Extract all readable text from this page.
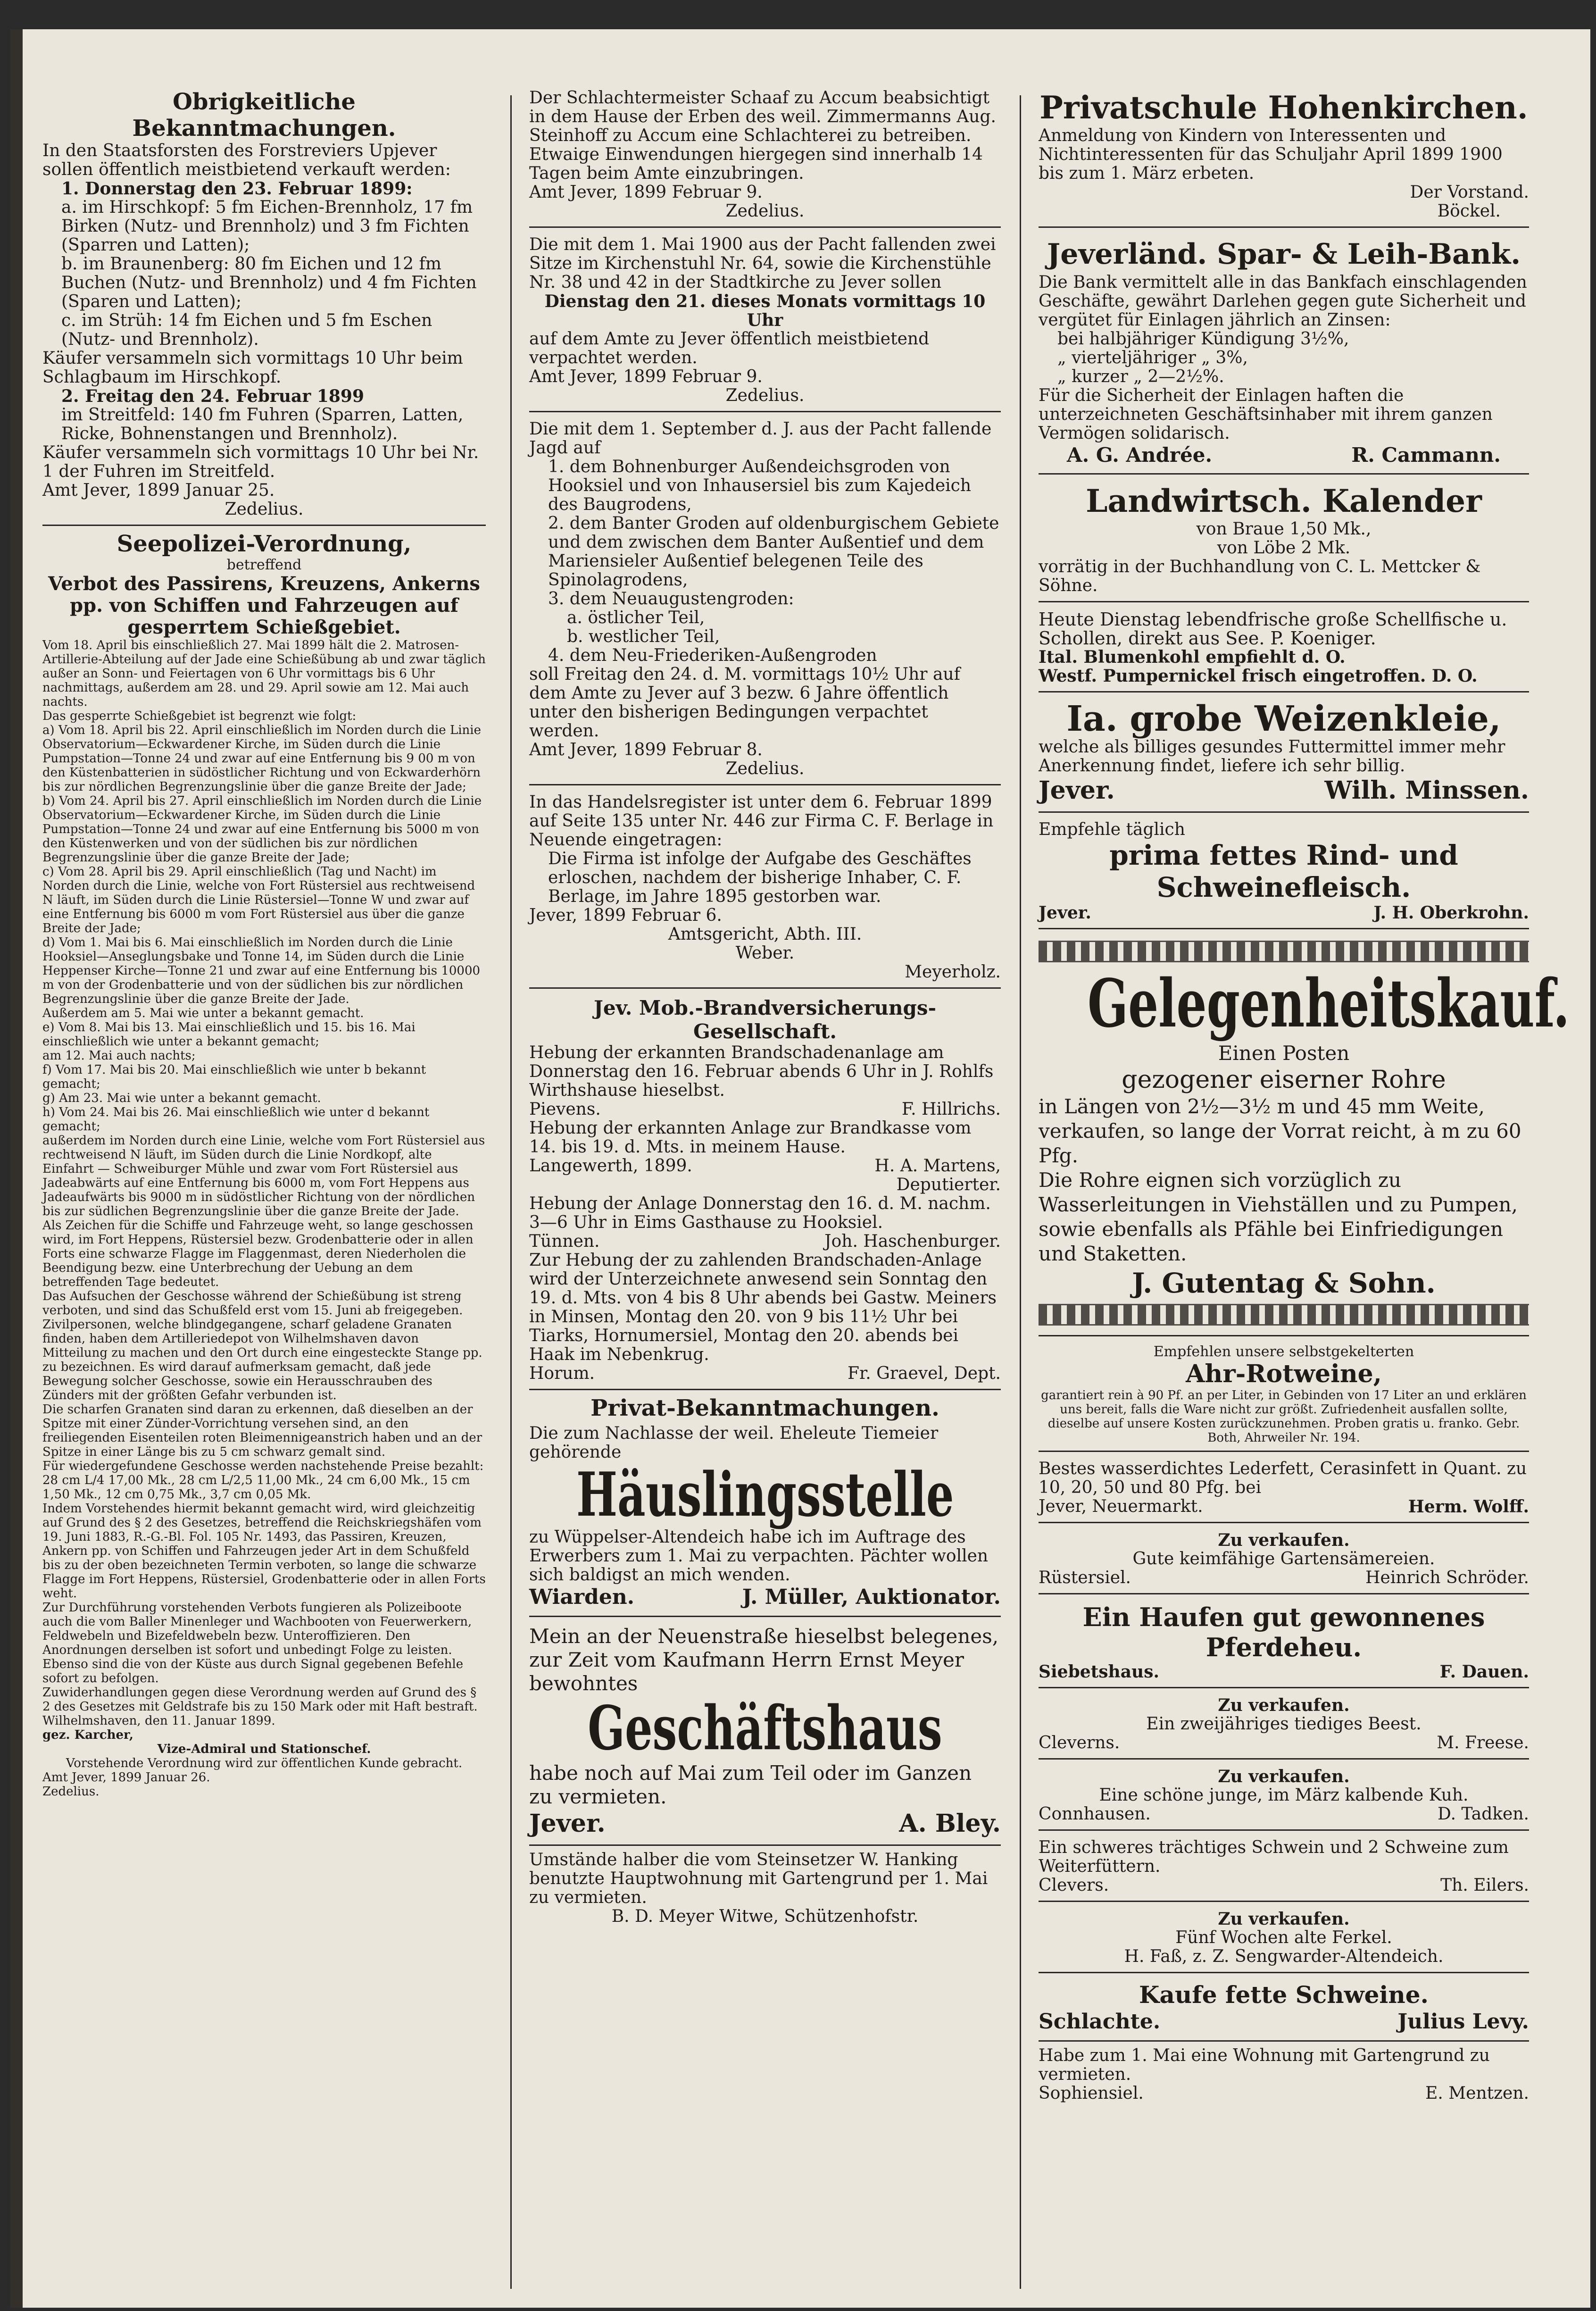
Obrigkeitliche Bekanntmachungen.

In den Staatsforsten des Forstreviers Upjever sollen öffentlich meistbietend verkauft werden:

1. Donnerstag den 23. Februar 1899:

a. im Hirschkopf: 5 fm Eichen-Brennholz, 17 fm Birken (Nutz- und Brennholz) und 3 fm Fichten (Sparren und Latten);

b. im Braunenberg: 80 fm Eichen und 12 fm Buchen (Nutz- und Brennholz) und 4 fm Fichten (Sparen und Latten);

c. im Strüh: 14 fm Eichen und 5 fm Eschen (Nutz- und Brennholz).

Käufer versammeln sich vormittags 10 Uhr beim Schlagbaum im Hirschkopf.

2. Freitag den 24. Februar 1899

im Streitfeld: 140 fm Fuhren (Sparren, Latten, Ricke, Bohnenstangen und Brennholz).

Käufer versammeln sich vormittags 10 Uhr bei Nr. 1 der Fuhren im Streitfeld.

Amt Jever, 1899 Januar 25.

Zedelius.

Seepolizei-Verordnung,

betreffend

Verbot des Passirens, Kreuzens, Ankerns pp. von Schiffen und Fahrzeugen auf gesperrtem Schießgebiet.

Vom 18. April bis einschließlich 27. Mai 1899 hält die 2. Matrosen-Artillerie-Abteilung auf der Jade eine Schießübung ab und zwar täglich außer an Sonn- und Feiertagen von 6 Uhr vormittags bis 6 Uhr nachmittags, außerdem am 28. und 29. April sowie am 12. Mai auch nachts.

Das gesperrte Schießgebiet ist begrenzt wie folgt:

a) Vom 18. April bis 22. April einschließlich im Norden durch die Linie Observatorium—Eckwardener Kirche, im Süden durch die Linie Pumpstation—Tonne 24 und zwar auf eine Entfernung bis 9 00 m von den Küstenbatterien in südöstlicher Richtung und von Eckwarderhörn bis zur nördlichen Begrenzungslinie über die ganze Breite der Jade;

b) Vom 24. April bis 27. April einschließlich im Norden durch die Linie Observatorium—Eckwardener Kirche, im Süden durch die Linie Pumpstation—Tonne 24 und zwar auf eine Entfernung bis 5000 m von den Küstenwerken und von der südlichen bis zur nördlichen Begrenzungslinie über die ganze Breite der Jade;

c) Vom 28. April bis 29. April einschließlich (Tag und Nacht) im Norden durch die Linie, welche von Fort Rüstersiel aus rechtweisend N läuft, im Süden durch die Linie Rüstersiel—Tonne W und zwar auf eine Entfernung bis 6000 m vom Fort Rüstersiel aus über die ganze Breite der Jade;

d) Vom 1. Mai bis 6. Mai einschließlich im Norden durch die Linie Hooksiel—Anseglungsbake und Tonne 14, im Süden durch die Linie Heppenser Kirche—Tonne 21 und zwar auf eine Entfernung bis 10000 m von der Grodenbatterie und von der südlichen bis zur nördlichen Begrenzungslinie über die ganze Breite der Jade.

Außerdem am 5. Mai wie unter a bekannt gemacht.

e) Vom 8. Mai bis 13. Mai einschließlich und 15. bis 16. Mai einschließlich wie unter a bekannt gemacht;

am 12. Mai auch nachts;

f) Vom 17. Mai bis 20. Mai einschließlich wie unter b bekannt gemacht;

g) Am 23. Mai wie unter a bekannt gemacht.

h) Vom 24. Mai bis 26. Mai einschließlich wie unter d bekannt gemacht;

außerdem im Norden durch eine Linie, welche vom Fort Rüstersiel aus rechtweisend N läuft, im Süden durch die Linie Nordkopf, alte Einfahrt — Schweiburger Mühle und zwar vom Fort Rüstersiel aus Jadeabwärts auf eine Entfernung bis 6000 m, vom Fort Heppens aus Jadeaufwärts bis 9000 m in südöstlicher Richtung von der nördlichen bis zur südlichen Begrenzungslinie über die ganze Breite der Jade.

Als Zeichen für die Schiffe und Fahrzeuge weht, so lange geschossen wird, im Fort Heppens, Rüstersiel bezw. Grodenbatterie oder in allen Forts eine schwarze Flagge im Flaggenmast, deren Niederholen die Beendigung bezw. eine Unterbrechung der Uebung an dem betreffenden Tage bedeutet.

Das Aufsuchen der Geschosse während der Schießübung ist streng verboten, und sind das Schußfeld erst vom 15. Juni ab freigegeben.

Zivilpersonen, welche blindgegangene, scharf geladene Granaten finden, haben dem Artilleriedepot von Wilhelmshaven davon Mitteilung zu machen und den Ort durch eine eingesteckte Stange pp. zu bezeichnen. Es wird darauf aufmerksam gemacht, daß jede Bewegung solcher Geschosse, sowie ein Herausschrauben des Zünders mit der größten Gefahr verbunden ist.

Die scharfen Granaten sind daran zu erkennen, daß dieselben an der Spitze mit einer Zünder-Vorrichtung versehen sind, an den freiliegenden Eisenteilen roten Bleimennigeanstrich haben und an der Spitze in einer Länge bis zu 5 cm schwarz gemalt sind.

Für wiedergefundene Geschosse werden nachstehende Preise bezahlt: 28 cm L/4 17,00 Mk., 28 cm L/2,5 11,00 Mk., 24 cm 6,00 Mk., 15 cm 1,50 Mk., 12 cm 0,75 Mk., 3,7 cm 0,05 Mk.

Indem Vorstehendes hiermit bekannt gemacht wird, wird gleichzeitig auf Grund des § 2 des Gesetzes, betreffend die Reichskriegshäfen vom 19. Juni 1883, R.-G.-Bl. Fol. 105 Nr. 1493, das Passiren, Kreuzen, Ankern pp. von Schiffen und Fahrzeugen jeder Art in dem Schußfeld bis zu der oben bezeichneten Termin verboten, so lange die schwarze Flagge im Fort Heppens, Rüstersiel, Grodenbatterie oder in allen Forts weht.

Zur Durchführung vorstehenden Verbots fungieren als Polizeiboote auch die vom Baller Minenleger und Wachbooten von Feuerwerkern, Feldwebeln und Bizefeldwebeln bezw. Unteroffizieren. Den Anordnungen derselben ist sofort und unbedingt Folge zu leisten. Ebenso sind die von der Küste aus durch Signal gegebenen Befehle sofort zu befolgen.

Zuwiderhandlungen gegen diese Verordnung werden auf Grund des § 2 des Gesetzes mit Geldstrafe bis zu 150 Mark oder mit Haft bestraft.

Wilhelmshaven, den 11. Januar 1899.

gez. Karcher,

Vize-Admiral und Stationschef.

Vorstehende Verordnung wird zur öffentlichen Kunde gebracht.

Amt Jever, 1899 Januar 26.

Zedelius.

Der Schlachtermeister Schaaf zu Accum beabsichtigt in dem Hause der Erben des weil. Zimmermanns Aug. Steinhoff zu Accum eine Schlachterei zu betreiben.

Etwaige Einwendungen hiergegen sind innerhalb 14 Tagen beim Amte einzubringen.

Amt Jever, 1899 Februar 9.

Zedelius.

Die mit dem 1. Mai 1900 aus der Pacht fallenden zwei Sitze im Kirchenstuhl Nr. 64, sowie die Kirchenstühle Nr. 38 und 42 in der Stadtkirche zu Jever sollen

Dienstag den 21. dieses Monats vormittags 10 Uhr

auf dem Amte zu Jever öffentlich meistbietend verpachtet werden.

Amt Jever, 1899 Februar 9.

Zedelius.

Die mit dem 1. September d. J. aus der Pacht fallende Jagd auf

1. dem Bohnenburger Außendeichsgroden von Hooksiel und von Inhausersiel bis zum Kajedeich des Baugrodens,

2. dem Banter Groden auf oldenburgischem Gebiete und dem zwischen dem Banter Außentief und dem Mariensieler Außentief belegenen Teile des Spinolagrodens,

3. dem Neuaugustengroden:

a. östlicher Teil,

b. westlicher Teil,

4. dem Neu-Friederiken-Außengroden

soll Freitag den 24. d. M. vormittags 10½ Uhr auf dem Amte zu Jever auf 3 bezw. 6 Jahre öffentlich unter den bisherigen Bedingungen verpachtet werden.

Amt Jever, 1899 Februar 8.

Zedelius.

In das Handelsregister ist unter dem 6. Februar 1899 auf Seite 135 unter Nr. 446 zur Firma C. F. Berlage in Neuende eingetragen:

Die Firma ist infolge der Aufgabe des Geschäftes erloschen, nachdem der bisherige Inhaber, C. F. Berlage, im Jahre 1895 gestorben war.

Jever, 1899 Februar 6.

Amtsgericht, Abth. III.

Weber.

Meyerholz.

Jev. Mob.-Brandversicherungs-Gesellschaft.

Hebung der erkannten Brandschadenanlage am Donnerstag den 16. Februar abends 6 Uhr in J. Rohlfs Wirthshause hieselbst.

Pievens.	F. Hillrichs.

Hebung der erkannten Anlage zur Brandkasse vom 14. bis 19. d. Mts. in meinem Hause.

Langewerth, 1899.	H. A. Martens,

Deputierter.

Hebung der Anlage Donnerstag den 16. d. M. nachm. 3—6 Uhr in Eims Gasthause zu Hooksiel.

Tünnen.	Joh. Haschenburger.

Zur Hebung der zu zahlenden Brandschaden-Anlage wird der Unterzeichnete anwesend sein Sonntag den 19. d. Mts. von 4 bis 8 Uhr abends bei Gastw. Meiners in Minsen, Montag den 20. von 9 bis 11½ Uhr bei Tiarks, Hornumersiel, Montag den 20. abends bei Haak im Nebenkrug.

Horum.	Fr. Graevel, Dept.

Privat-Bekanntmachungen.

Die zum Nachlasse der weil. Eheleute Tiemeier gehörende

Häuslingsstelle

zu Wüppelser-Altendeich habe ich im Auftrage des Erwerbers zum 1. Mai zu verpachten. Pächter wollen sich baldigst an mich wenden.

Wiarden.	J. Müller, Auktionator.

Mein an der Neuenstraße hieselbst belegenes, zur Zeit vom Kaufmann Herrn Ernst Meyer bewohntes

Geschäftshaus

habe noch auf Mai zum Teil oder im Ganzen zu vermieten.

Jever.	A. Bley.

Umstände halber die vom Steinsetzer W. Hanking benutzte Hauptwohnung mit Gartengrund per 1. Mai zu vermieten.

B. D. Meyer Witwe, Schützenhofstr.

Privatschule Hohenkirchen.

Anmeldung von Kindern von Interessenten und Nichtinteressenten für das Schuljahr April 1899 1900 bis zum 1. März erbeten.

Der Vorstand.

Böckel.

Jeverländ. Spar- & Leih-Bank.

Die Bank vermittelt alle in das Bankfach einschlagenden Geschäfte, gewährt Darlehen gegen gute Sicherheit und vergütet für Einlagen jährlich an Zinsen:

bei halbjähriger Kündigung 3½%,

„ vierteljähriger „ 3%,

„ kurzer „ 2—2½%.

Für die Sicherheit der Einlagen haften die unterzeichneten Geschäftsinhaber mit ihrem ganzen Vermögen solidarisch.

A. G. Andrée.	R. Cammann.

Landwirtsch. Kalender

von Braue 1,50 Mk.,

von Löbe 2 Mk.

vorrätig in der Buchhandlung von C. L. Mettcker & Söhne.

Heute Dienstag lebendfrische große Schellfische u. Schollen, direkt aus See. P. Koeniger.

Ital. Blumenkohl empfiehlt d. O.

Westf. Pumpernickel frisch eingetroffen. D. O.

Ia. grobe Weizenkleie,

welche als billiges gesundes Futtermittel immer mehr Anerkennung findet, liefere ich sehr billig.

Jever.	Wilh. Minssen.

Empfehle täglich

prima fettes Rind- und Schweinefleisch.

Jever.	J. H. Oberkrohn.

Gelegenheitskauf.

Einen Posten

gezogener eiserner Rohre

in Längen von 2½—3½ m und 45 mm Weite, verkaufen, so lange der Vorrat reicht, à m zu 60 Pfg.

Die Rohre eignen sich vorzüglich zu Wasserleitungen in Viehställen und zu Pumpen, sowie ebenfalls als Pfähle bei Einfriedigungen und Staketten.

J. Gutentag & Sohn.

Empfehlen unsere selbstgekelterten

Ahr-Rotweine,

garantiert rein à 90 Pf. an per Liter, in Gebinden von 17 Liter an und erklären uns bereit, falls die Ware nicht zur größt. Zufriedenheit ausfallen sollte, dieselbe auf unsere Kosten zurückzunehmen. Proben gratis u. franko. Gebr. Both, Ahrweiler Nr. 194.

Bestes wasserdichtes Lederfett, Cerasinfett in Quant. zu 10, 20, 50 und 80 Pfg. bei

Jever, Neuermarkt.	Herm. Wolff.

Zu verkaufen.

Gute keimfähige Gartensämereien.

Rüstersiel.	Heinrich Schröder.

Ein Haufen gut gewonnenes Pferdeheu.

Siebetshaus.	F. Dauen.

Zu verkaufen.

Ein zweijähriges tiediges Beest.

Cleverns.	M. Freese.

Zu verkaufen.

Eine schöne junge, im März kalbende Kuh.

Connhausen.	D. Tadken.

Ein schweres trächtiges Schwein und 2 Schweine zum Weiterfüttern.

Clevers.	Th. Eilers.

Zu verkaufen.

Fünf Wochen alte Ferkel.

H. Faß, z. Z. Sengwarder-Altendeich.

Kaufe fette Schweine.

Schlachte.	Julius Levy.

Habe zum 1. Mai eine Wohnung mit Gartengrund zu vermieten.

Sophiensiel.	E. Mentzen.
